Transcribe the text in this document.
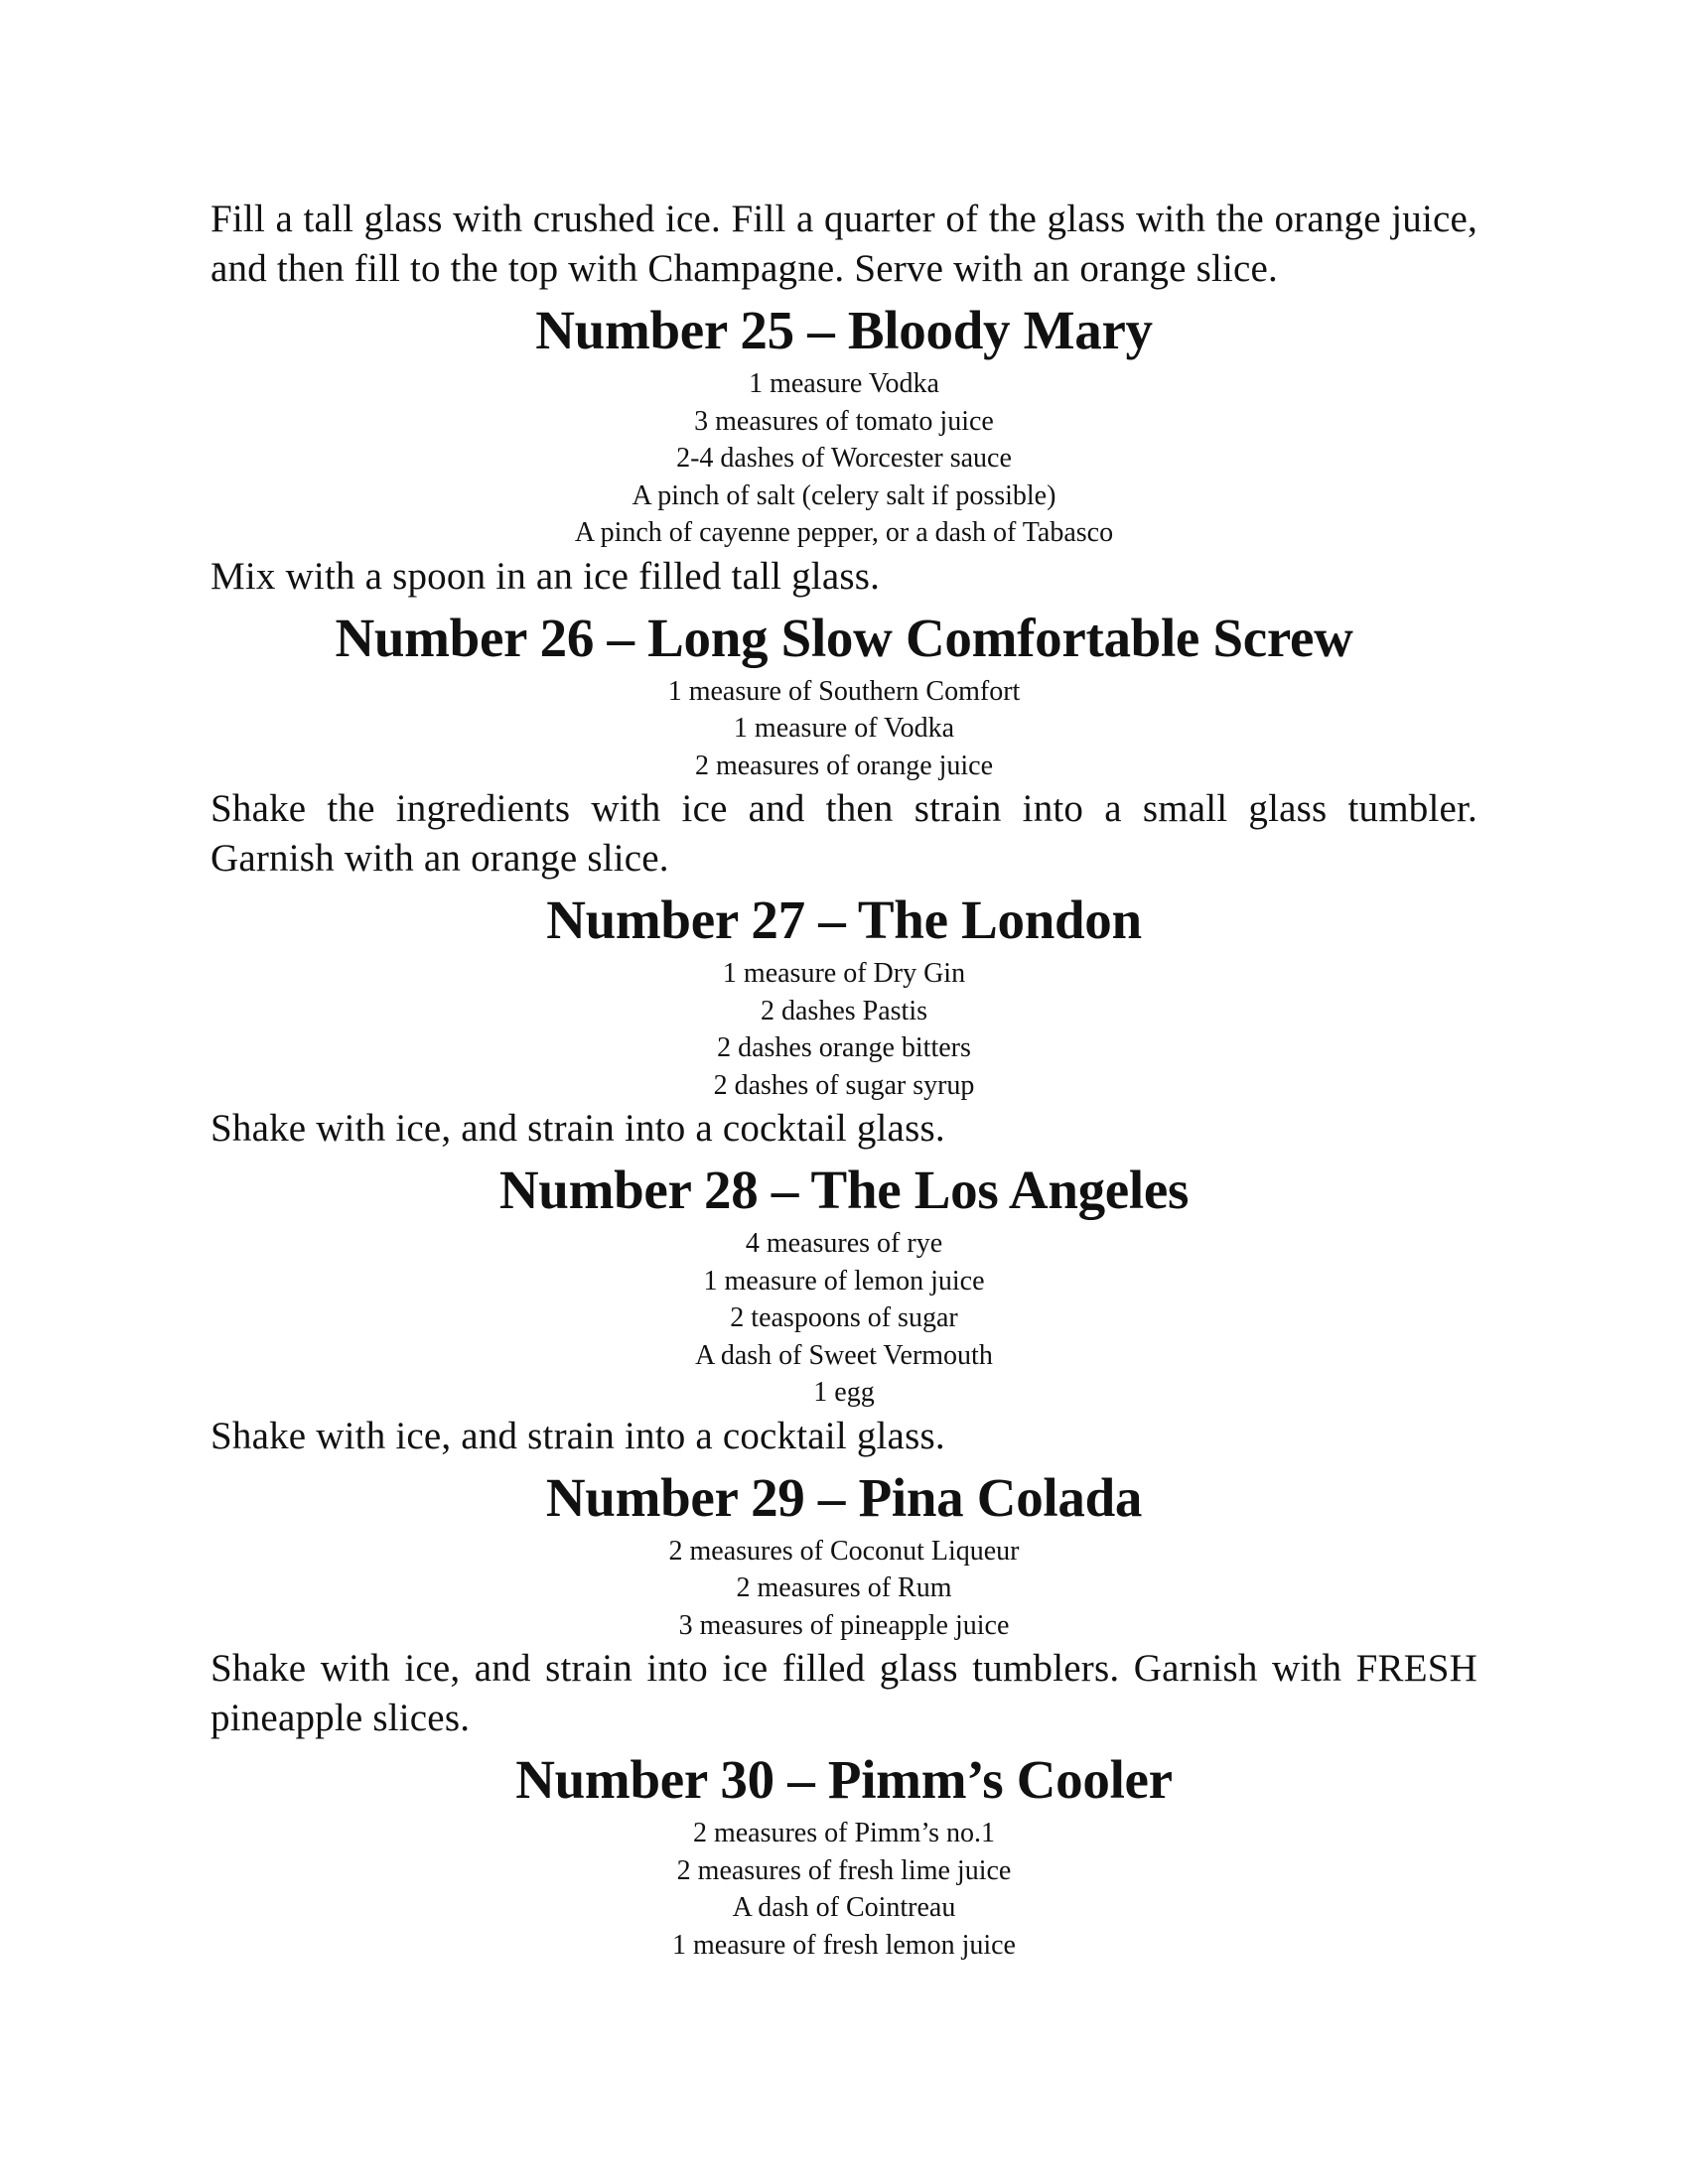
Fill a tall glass with crushed ice. Fill a quarter of the glass with the orange juice,

and then fill to the top with Champagne. Serve with an orange slice.

Number 25 – Bloody Mary
1 measure Vodka
3 measures of tomato juice
2-4 dashes of Worcester sauce
A pinch of salt (celery salt if possible)
A pinch of cayenne pepper, or a dash of Tabasco

Mix with a spoon in an ice filled tall glass.

Number 26 – Long Slow Comfortable Screw
1 measure of Southern Comfort
1 measure of Vodka
2 measures of orange juice

Shake the ingredients with ice and then strain into a small glass tumbler.

Garnish with an orange slice.

Number 27 – The London
1 measure of Dry Gin
2 dashes Pastis
2 dashes orange bitters
2 dashes of sugar syrup

Shake with ice, and strain into a cocktail glass.

Number 28 – The Los Angeles
4 measures of rye
1 measure of lemon juice
2 teaspoons of sugar
A dash of Sweet Vermouth
1 egg

Shake with ice, and strain into a cocktail glass.

Number 29 – Pina Colada
2 measures of Coconut Liqueur
2 measures of Rum
3 measures of pineapple juice

Shake with ice, and strain into ice filled glass tumblers. Garnish with FRESH

pineapple slices.

Number 30 – Pimm’s Cooler
2 measures of Pimm’s no.1
2 measures of fresh lime juice
A dash of Cointreau
1 measure of fresh lemon juice
